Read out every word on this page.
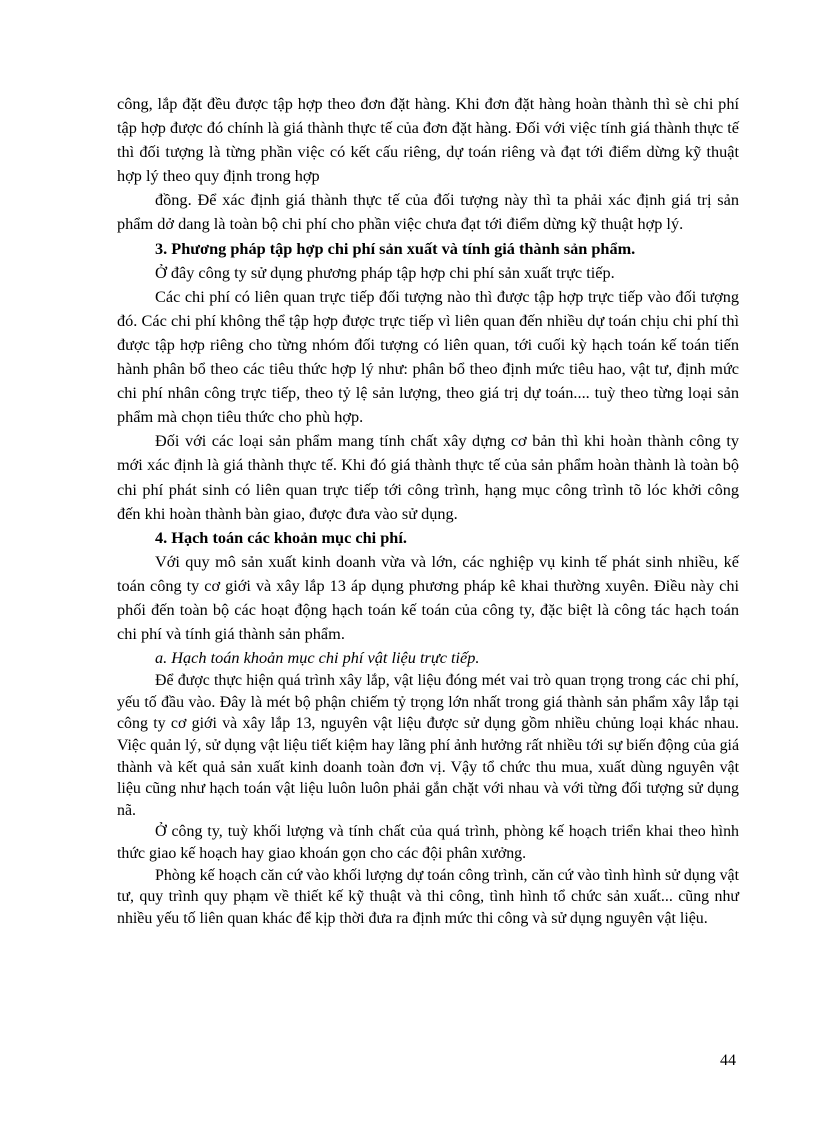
công, lắp đặt đều được tập hợp theo đơn đặt hàng. Khi đơn đặt hàng hoàn thành thì sè chi phí tập hợp được đó chính là giá thành thực tế của đơn đặt hàng. Đối với việc tính giá thành thực tế thì đối tượng là từng phần việc có kết cấu riêng, dự toán riêng và đạt tới điểm dừng kỹ thuật hợp lý theo quy định trong hợp

đồng. Để xác định giá thành thực tế của đối tượng này thì ta phải xác định giá trị sản phẩm dở dang là toàn bộ chi phí cho phần việc chưa đạt tới điểm dừng kỹ thuật hợp lý.

3. Phương pháp tập hợp chi phí sản xuất và tính giá thành sản phẩm.

Ở đây công ty sử dụng phương pháp tập hợp chi phí sản xuất trực tiếp.

Các chi phí có liên quan trực tiếp đối tượng nào thì được tập hợp trực tiếp vào đối tượng đó. Các chi phí không thể tập hợp được trực tiếp vì liên quan đến nhiều dự toán chịu chi phí thì được tập hợp riêng cho từng nhóm đối tượng có liên quan, tới cuối kỳ hạch toán kế toán tiến hành phân bổ theo các tiêu thức hợp lý như: phân bổ theo định mức tiêu hao, vật tư, định mức chi phí nhân công trực tiếp, theo tỷ lệ sản lượng, theo giá trị dự toán.... tuỳ theo từng loại sản phẩm mà chọn tiêu thức cho phù hợp.

Đối với các loại sản phẩm mang tính chất xây dựng cơ bản thì khi hoàn thành công ty mới xác định là giá thành thực tế. Khi đó giá thành thực tế của sản phẩm hoàn thành là toàn bộ chi phí phát sinh có liên quan trực tiếp tới công trình, hạng mục công trình tõ lóc khởi công đến khi hoàn thành bàn giao, được đưa vào sử dụng.

4. Hạch toán các khoản mục chi phí.

Với quy mô sản xuất kinh doanh vừa và lớn, các nghiệp vụ kinh tế phát sinh nhiều, kế toán công ty cơ giới và xây lắp 13 áp dụng phương pháp kê khai thường xuyên. Điều này chi phối đến toàn bộ các hoạt động hạch toán kế toán của công ty, đặc biệt là công tác hạch toán chi phí và tính giá thành sản phẩm.

a. Hạch toán khoản mục chi phí vật liệu trực tiếp.

Để được thực hiện quá trình xây lắp, vật liệu đóng mét vai trò quan trọng trong các chi phí, yếu tố đầu vào. Đây là mét bộ phận chiếm tỷ trọng lớn nhất trong giá thành sản phẩm xây lắp tại công ty cơ giới và xây lắp 13, nguyên vật liệu được sử dụng gồm nhiều chủng loại khác nhau. Việc quản lý, sử dụng vật liệu tiết kiệm hay lãng phí ảnh hưởng rất nhiều tới sự biến động của giá thành và kết quả sản xuất kinh doanh toàn đơn vị. Vậy tổ chức thu mua, xuất dùng nguyên vật liệu cũng như hạch toán vật liệu luôn luôn phải gắn chặt với nhau và với từng đối tượng sử dụng nã.

Ở công ty, tuỳ khối lượng và tính chất của quá trình, phòng kế hoạch triển khai theo hình thức giao kế hoạch hay giao khoán gọn cho các đội phân xưởng.

Phòng kế hoạch căn cứ vào khối lượng dự toán công trình, căn cứ vào tình hình sử dụng vật tư, quy trình quy phạm về thiết kế kỹ thuật và thi công, tình hình tổ chức sản xuất... cũng như nhiều yếu tố liên quan khác để kịp thời đưa ra định mức thi công và sử dụng nguyên vật liệu.

44
